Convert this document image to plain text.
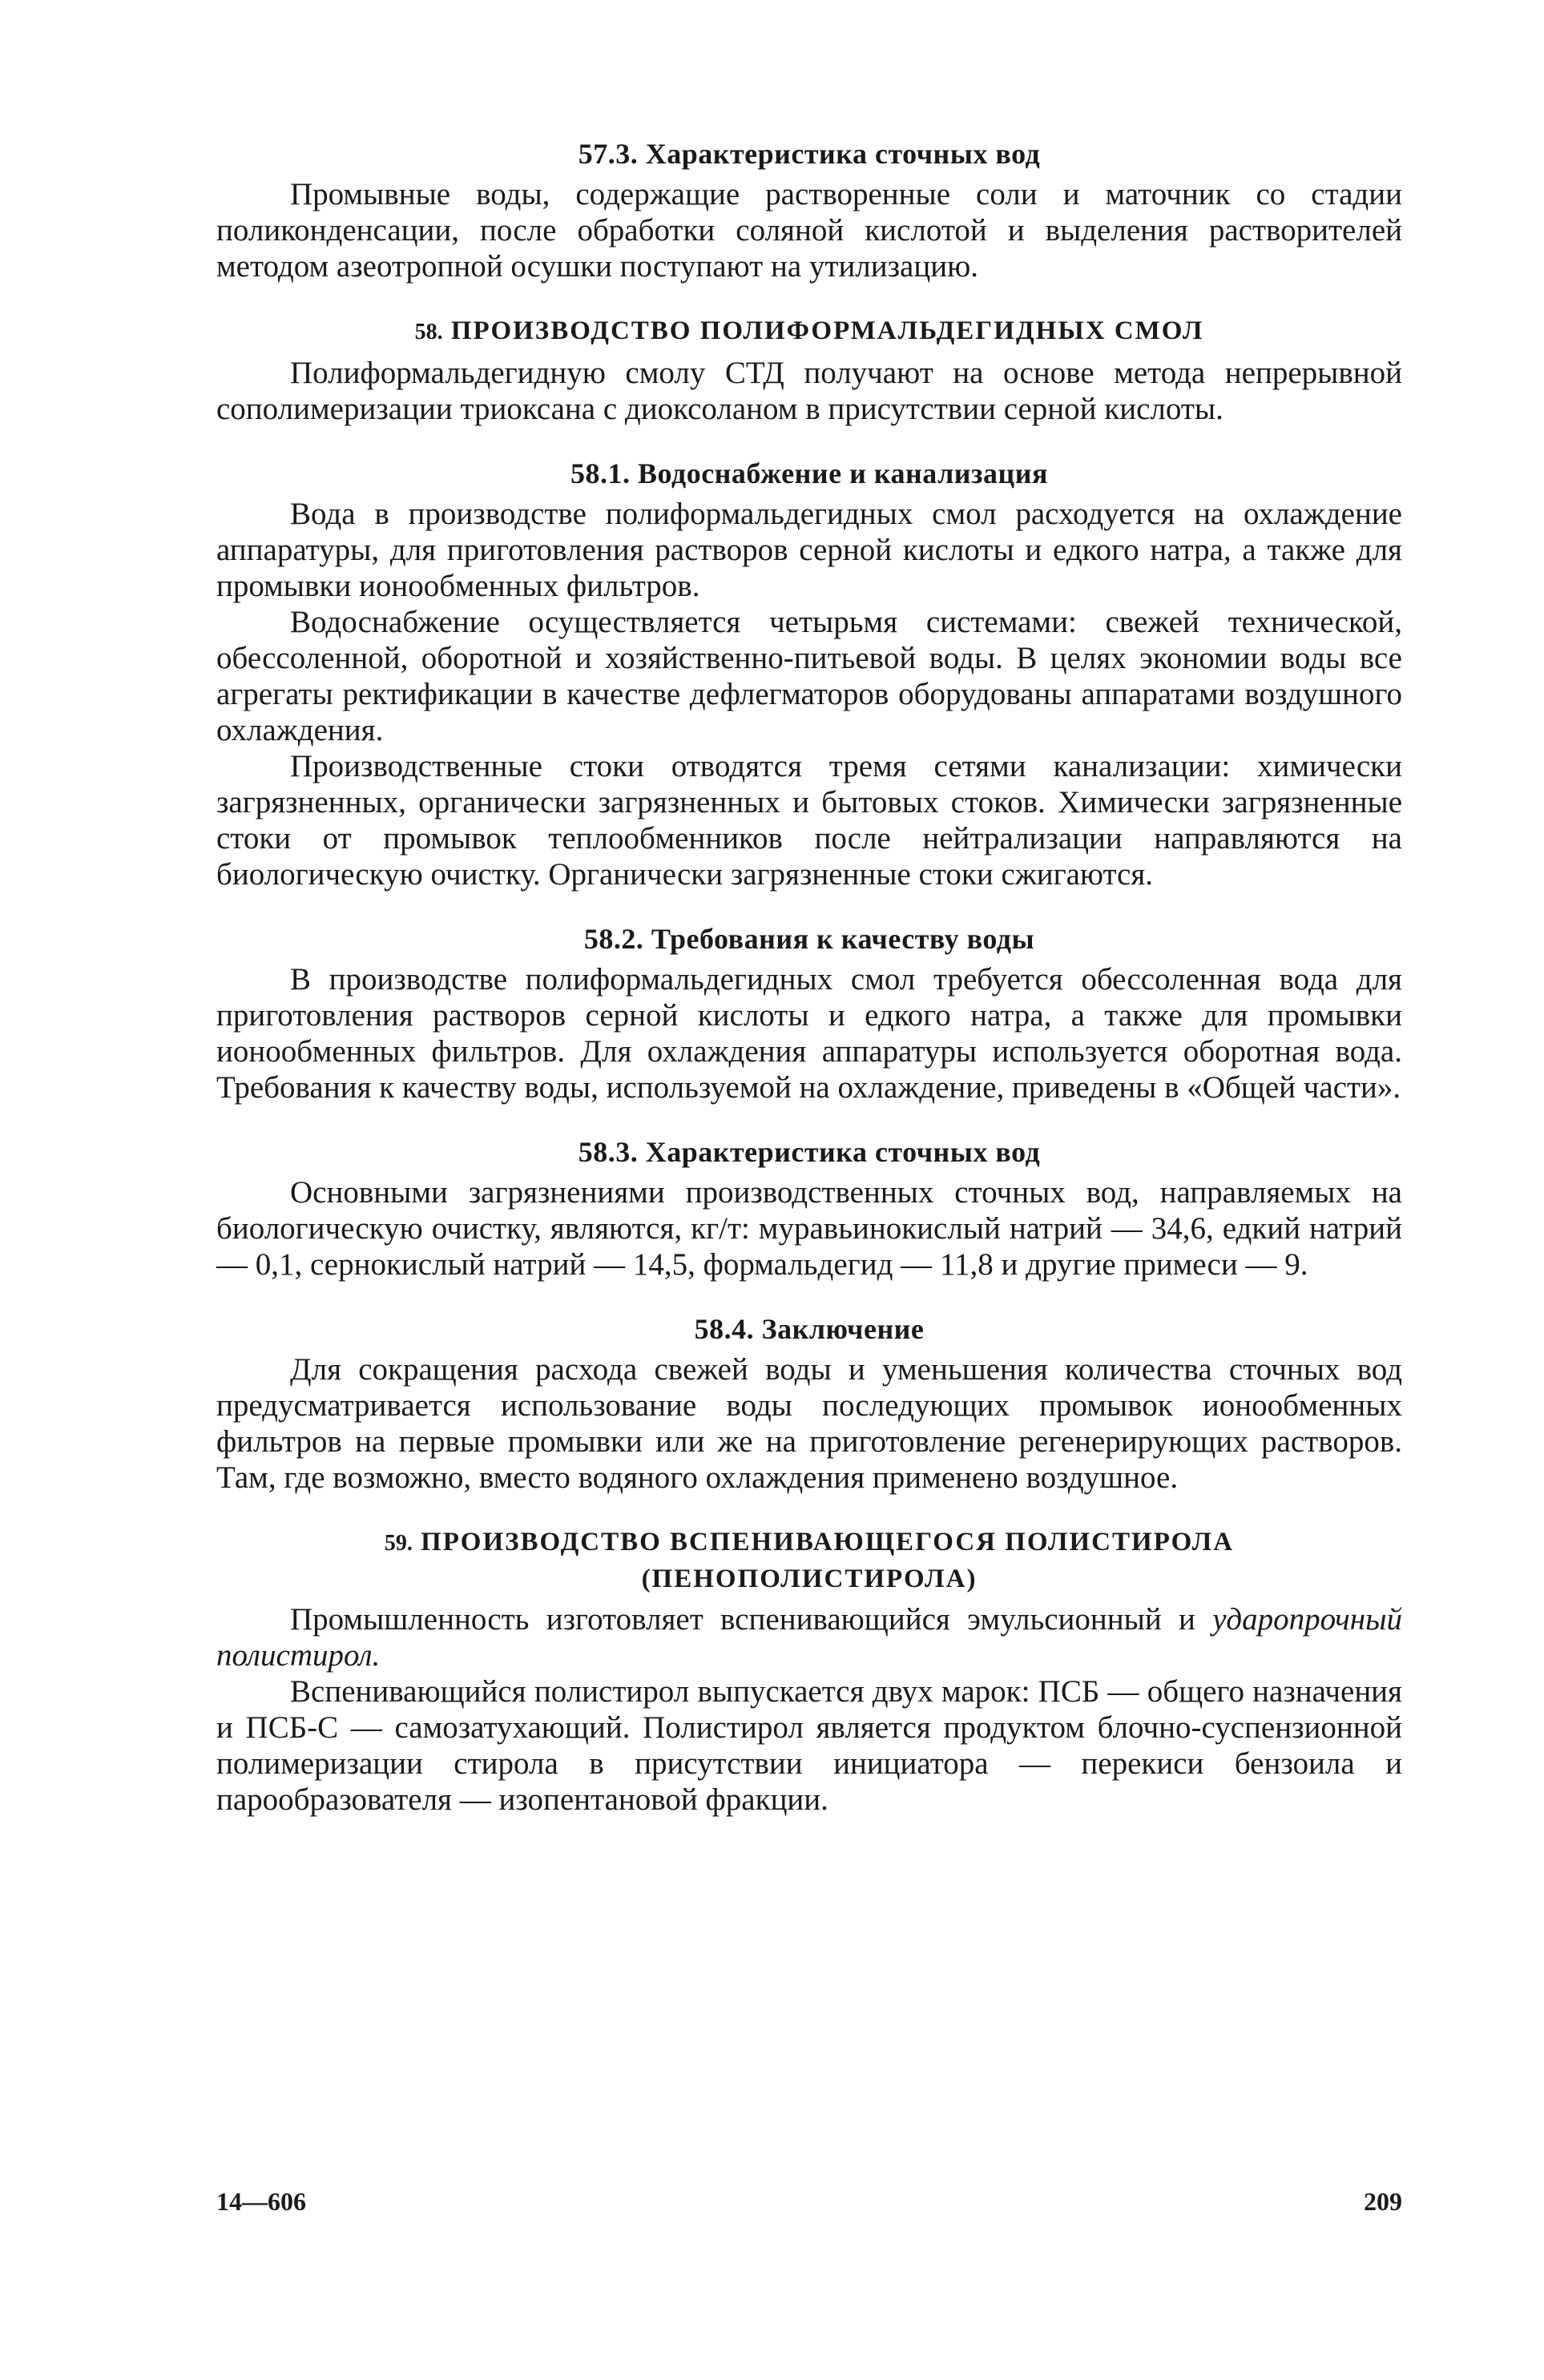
57.3. Характеристика сточных вод

Промывные воды, содержащие растворенные соли и маточник со стадии поликонденсации, после обработки соляной кислотой и выделения растворителей методом азеотропной осушки поступают на утилизацию.

58. ПРОИЗВОДСТВО ПОЛИФОРМАЛЬДЕГИДНЫХ СМОЛ

Полиформальдегидную смолу СТД получают на основе метода непрерывной сополимеризации триоксана с диоксоланом в присутствии серной кислоты.

58.1. Водоснабжение и канализация

Вода в производстве полиформальдегидных смол расходуется на охлаждение аппаратуры, для приготовления растворов серной кислоты и едкого натра, а также для промывки ионообменных фильтров.

Водоснабжение осуществляется четырьмя системами: свежей технической, обессоленной, оборотной и хозяйственно-питьевой воды. В целях экономии воды все агрегаты ректификации в качестве дефлегматоров оборудованы аппаратами воздушного охлаждения.

Производственные стоки отводятся тремя сетями канализации: химически загрязненных, органически загрязненных и бытовых стоков. Химически загрязненные стоки от промывок теплообменников после нейтрализации направляются на биологическую очистку. Органически загрязненные стоки сжигаются.

58.2. Требования к качеству воды

В производстве полиформальдегидных смол требуется обессоленная вода для приготовления растворов серной кислоты и едкого натра, а также для промывки ионообменных фильтров. Для охлаждения аппаратуры используется оборотная вода. Требования к качеству воды, используемой на охлаждение, приведены в «Общей части».

58.3. Характеристика сточных вод

Основными загрязнениями производственных сточных вод, направляемых на биологическую очистку, являются, кг/т: муравьинокислый натрий — 34,6, едкий натрий — 0,1, сернокислый натрий — 14,5, формальдегид — 11,8 и другие примеси — 9.

58.4. Заключение

Для сокращения расхода свежей воды и уменьшения количества сточных вод предусматривается использование воды последующих промывок ионообменных фильтров на первые промывки или же на приготовление регенерирующих растворов. Там, где возможно, вместо водяного охлаждения применено воздушное.

59. ПРОИЗВОДСТВО ВСПЕНИВАЮЩЕГОСЯ ПОЛИСТИРОЛА
(ПЕНОПОЛИСТИРОЛА)

Промышленность изготовляет вспенивающийся эмульсионный и ударопрочный полистирол.

Вспенивающийся полистирол выпускается двух марок: ПСБ — общего назначения и ПСБ-С — самозатухающий. Полистирол является продуктом блочно-суспензионной полимеризации стирола в присутствии инициатора — перекиси бензоила и парообразователя — изопентановой фракции.

14—606	209
